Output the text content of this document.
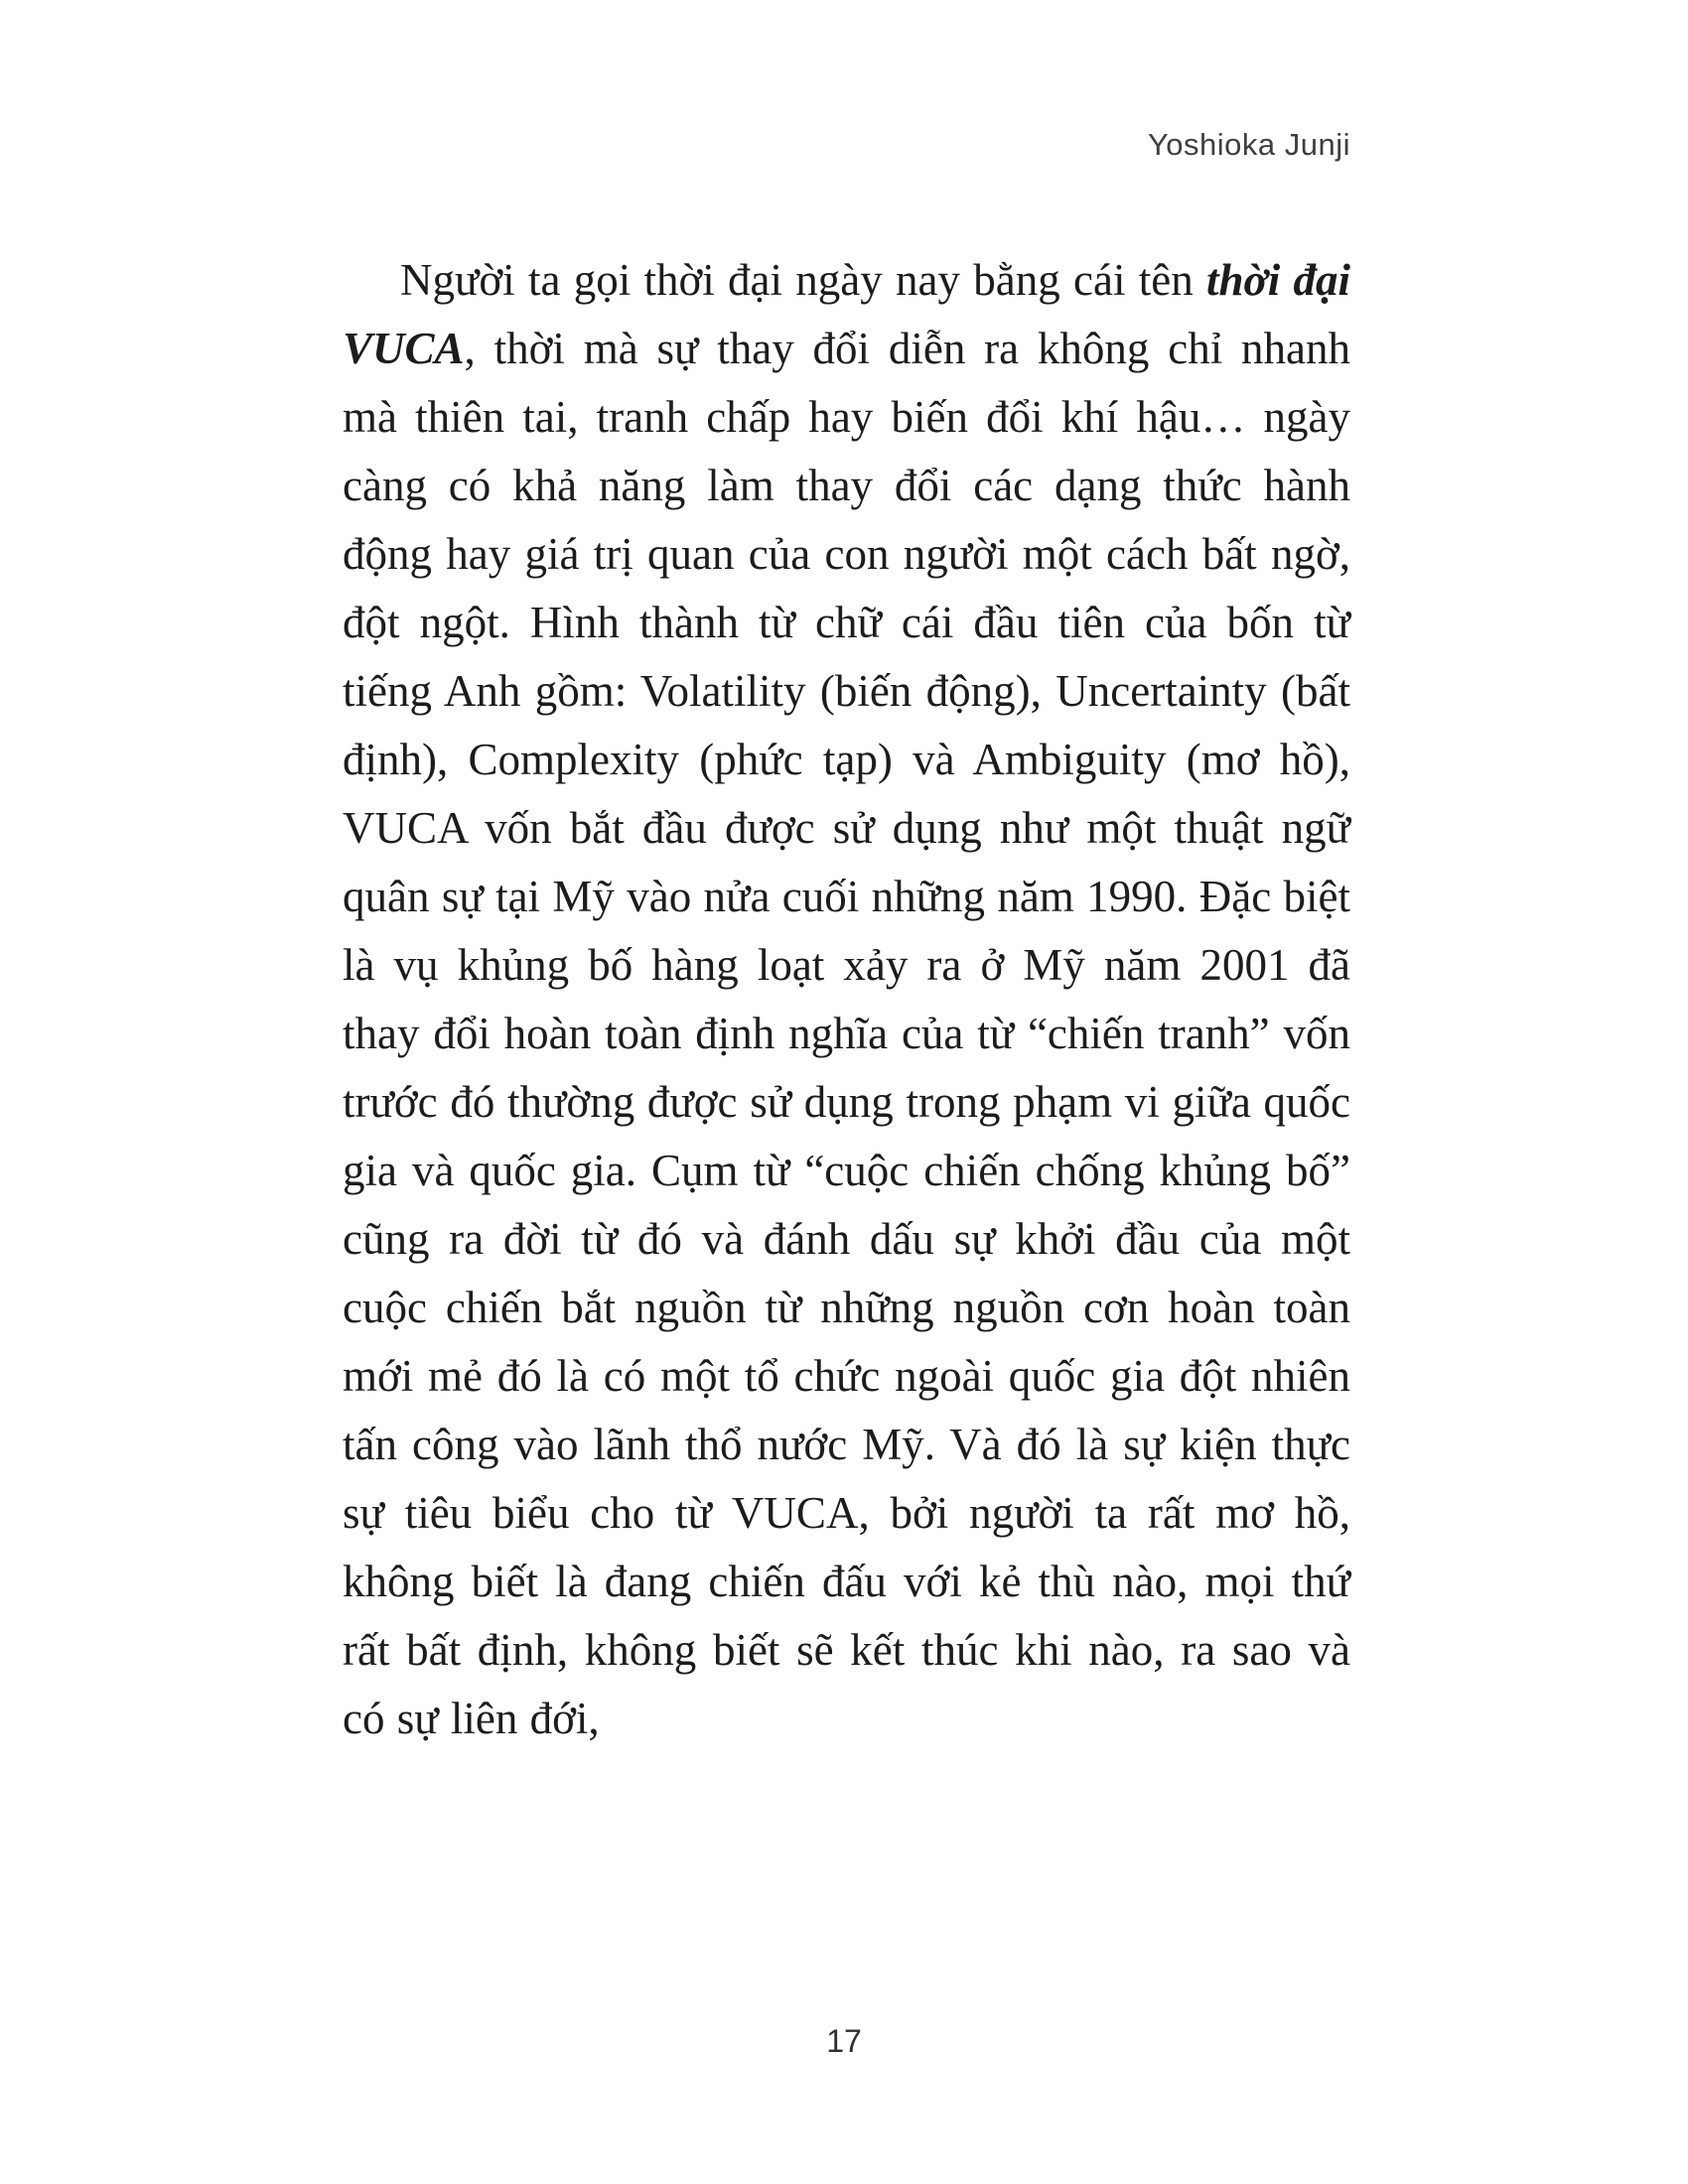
Yoshioka Junji

Người ta gọi thời đại ngày nay bằng cái tên thời đại VUCA, thời mà sự thay đổi diễn ra không chỉ nhanh mà thiên tai, tranh chấp hay biến đổi khí hậu… ngày càng có khả năng làm thay đổi các dạng thức hành động hay giá trị quan của con người một cách bất ngờ, đột ngột. Hình thành từ chữ cái đầu tiên của bốn từ tiếng Anh gồm: Volatility (biến động), Uncertainty (bất định), Complexity (phức tạp) và Ambiguity (mơ hồ), VUCA vốn bắt đầu được sử dụng như một thuật ngữ quân sự tại Mỹ vào nửa cuối những năm 1990. Đặc biệt là vụ khủng bố hàng loạt xảy ra ở Mỹ năm 2001 đã thay đổi hoàn toàn định nghĩa của từ “chiến tranh” vốn trước đó thường được sử dụng trong phạm vi giữa quốc gia và quốc gia. Cụm từ “cuộc chiến chống khủng bố” cũng ra đời từ đó và đánh dấu sự khởi đầu của một cuộc chiến bắt nguồn từ những nguồn cơn hoàn toàn mới mẻ đó là có một tổ chức ngoài quốc gia đột nhiên tấn công vào lãnh thổ nước Mỹ. Và đó là sự kiện thực sự tiêu biểu cho từ VUCA, bởi người ta rất mơ hồ, không biết là đang chiến đấu với kẻ thù nào, mọi thứ rất bất định, không biết sẽ kết thúc khi nào, ra sao và có sự liên đới,

17
